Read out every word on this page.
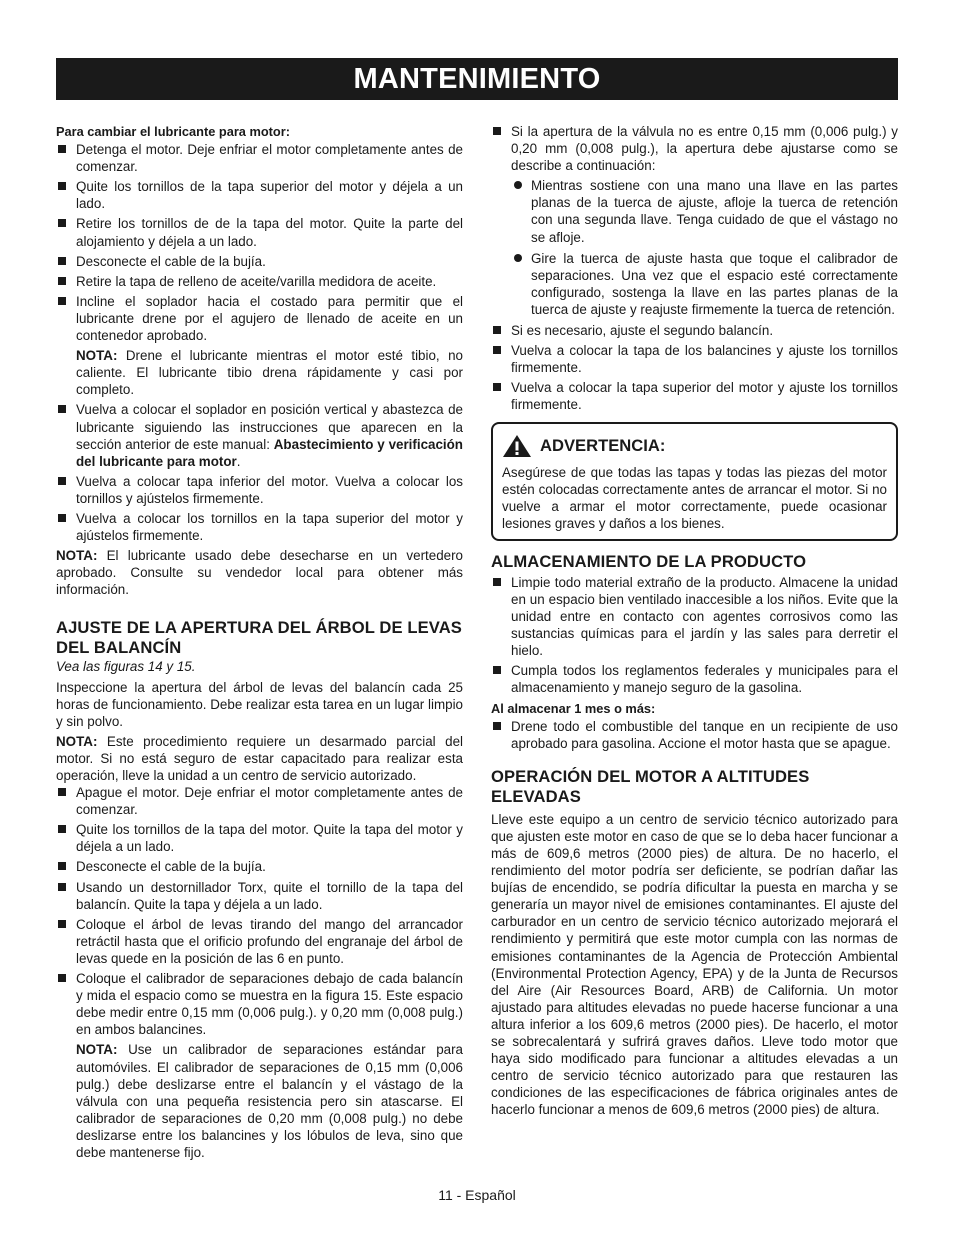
MANTENIMIENTO

Para cambiar el lubricante para motor:

Detenga el motor. Deje enfriar el motor completamente antes de comenzar.
Quite los tornillos de la tapa superior del motor y déjela a un lado.
Retire los tornillos de de la tapa del motor. Quite la parte del alojamiento y déjela a un lado.
Desconecte el cable de la bujía.
Retire la tapa de relleno de aceite/varilla medidora de aceite.
Incline el soplador hacia el costado para permitir que el lubricante drene por el agujero de llenado de aceite en un contenedor aprobado.

NOTA: Drene el lubricante mientras el motor esté tibio, no caliente. El lubricante tibio drena rápidamente y casi por completo.

Vuelva a colocar el soplador en posición vertical y abastezca de lubricante siguiendo las instrucciones que aparecen en la sección anterior de este manual: Abastecimiento y verificación del lubricante para motor.
Vuelva a colocar tapa inferior del motor. Vuelva a colocar los tornillos y ajústelos firmemente.
Vuelva a colocar los tornillos en la tapa superior del motor y ajústelos firmemente.

NOTA: El lubricante usado debe desecharse en un vertedero aprobado. Consulte su vendedor local para obtener más información.

AJUSTE DE LA APERTURA DEL ÁRBOL DE LEVAS DEL BALANCÍN

Vea las figuras 14 y 15.

Inspeccione la apertura del árbol de levas del balancín cada 25 horas de funcionamiento. Debe realizar esta tarea en un lugar limpio y sin polvo.

NOTA: Este procedimiento requiere un desarmado parcial del motor. Si no está seguro de estar capacitado para realizar esta operación, lleve la unidad a un centro de servicio autorizado.

Apague el motor. Deje enfriar el motor completamente antes de comenzar.
Quite los tornillos de la tapa del motor. Quite la tapa del motor y déjela a un lado.
Desconecte el cable de la bujía.
Usando un destornillador Torx, quite el tornillo de la tapa del balancín. Quite la tapa y déjela a un lado.
Coloque el árbol de levas tirando del mango del arrancador retráctil hasta que el orificio profundo del engranaje del árbol de levas quede en la posición de las 6 en punto.
Coloque el calibrador de separaciones debajo de cada balancín y mida el espacio como se muestra en la figura 15. Este espacio debe medir entre 0,15 mm (0,006 pulg.). y 0,20 mm (0,008 pulg.) en ambos balancines.

NOTA: Use un calibrador de separaciones estándar para automóviles. El calibrador de separaciones de 0,15 mm (0,006 pulg.) debe deslizarse entre el balancín y el vástago de la válvula con una pequeña resistencia pero sin atascarse. El calibrador de separaciones de 0,20 mm (0,008 pulg.) no debe deslizarse entre los balancines y los lóbulos de leva, sino que debe mantenerse fijo.

Si la apertura de la válvula no es entre 0,15 mm (0,006 pulg.) y 0,20 mm (0,008 pulg.), la apertura debe ajustarse como se describe a continuación:
Mientras sostiene con una mano una llave en las partes planas de la tuerca de ajuste, afloje la tuerca de retención con una segunda llave. Tenga cuidado de que el vástago no se afloje.
Gire la tuerca de ajuste hasta que toque el calibrador de separaciones. Una vez que el espacio esté correctamente configurado, sostenga la llave en las partes planas de la tuerca de ajuste y reajuste firmemente la tuerca de retención.
Si es necesario, ajuste el segundo balancín.
Vuelva a colocar la tapa de los balancines y ajuste los tornillos firmemente.
Vuelva a colocar la tapa superior del motor y ajuste los tornillos firmemente.
ADVERTENCIA:

Asegúrese de que todas las tapas y todas las piezas del motor estén colocadas correctamente antes de arrancar el motor. Si no vuelve a armar el motor correctamente, puede ocasionar lesiones graves y daños a los bienes.

ALMACENAMIENTO DE LA PRODUCTO
Limpie todo material extraño de la producto. Almacene la unidad en un espacio bien ventilado inaccesible a los niños. Evite que la unidad entre en contacto con agentes corrosivos como las sustancias químicas para el jardín y las sales para derretir el hielo.
Cumpla todos los reglamentos federales y municipales para el almacenamiento y manejo seguro de la gasolina.

Al almacenar 1 mes o más:

Drene todo el combustible del tanque en un recipiente de uso aprobado para gasolina. Accione el motor hasta que se apague.
OPERACIÓN DEL MOTOR A ALTITUDES ELEVADAS

Lleve este equipo a un centro de servicio técnico autorizado para que ajusten este motor en caso de que se lo deba hacer funcionar a más de 609,6 metros (2000 pies) de altura. De no hacerlo, el rendimiento del motor podría ser deficiente, se podrían dañar las bujías de encendido, se podría dificultar la puesta en marcha y se generaría un mayor nivel de emisiones contaminantes. El ajuste del carburador en un centro de servicio técnico autorizado mejorará el rendimiento y permitirá que este motor cumpla con las normas de emisiones contaminantes de la Agencia de Protección Ambiental (Environmental Protection Agency, EPA) y de la Junta de Recursos del Aire (Air Resources Board, ARB) de California. Un motor ajustado para altitudes elevadas no puede hacerse funcionar a una altura inferior a los 609,6 metros (2000 pies). De hacerlo, el motor se sobrecalentará y sufrirá graves daños. Lleve todo motor que haya sido modificado para funcionar a altitudes elevadas a un centro de servicio técnico autorizado para que restauren las condiciones de las especificaciones de fábrica originales antes de hacerlo funcionar a menos de 609,6 metros (2000 pies) de altura.

11 - Español
